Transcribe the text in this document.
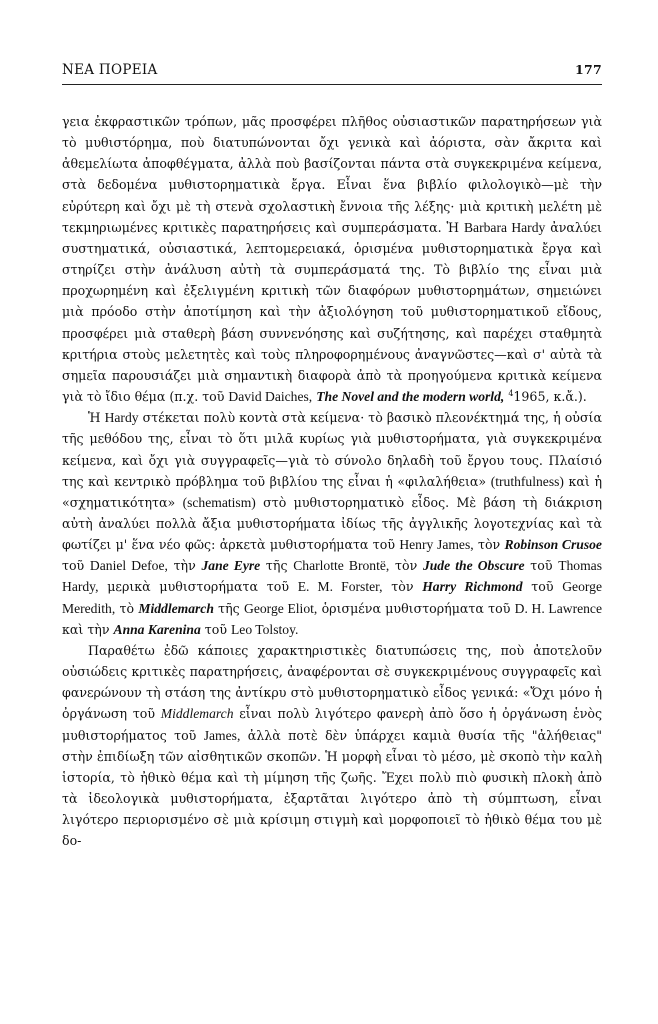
ΝΕΑ ΠΟΡΕΙΑ	177

γεια ἐκφραστικῶν τρόπων, μᾶς προσφέρει πλῆθος οὐσιαστικῶν παρατηρήσεων γιὰ τὸ μυθιστόρημα, ποὺ διατυπώνονται ὄχι γενικὰ καὶ ἀόριστα, σὰν ἄκριτα καὶ ἀθεμελίωτα ἀποφθέγματα, ἀλλὰ ποὺ βασίζονται πάντα στὰ συγκεκριμένα κείμενα, στὰ δεδομένα μυθιστορηματικὰ ἔργα. Εἶναι ἕνα βιβλίο φιλολογικὸ—μὲ τὴν εὐρύτερη καὶ ὄχι μὲ τὴ στενὰ σχολαστικὴ ἔννοια τῆς λέξης· μιὰ κριτικὴ μελέτη μὲ τεκμηριωμένες κριτικὲς παρατηρήσεις καὶ συμπεράσματα. Ἡ Barbara Hardy ἀναλύει συστηματικά, οὐσιαστικά, λεπτομερειακά, ὁρισμένα μυθιστορηματικὰ ἔργα καὶ στηρίζει στὴν ἀνάλυση αὐτὴ τὰ συμπεράσματά της. Τὸ βιβλίο της εἶναι μιὰ προχωρημένη καὶ ἐξελιγμένη κριτικὴ τῶν διαφόρων μυθιστορημάτων, σημειώνει μιὰ πρόοδο στὴν ἀποτίμηση καὶ τὴν ἀξιολόγηση τοῦ μυθιστορηματικοῦ εἴδους, προσφέρει μιὰ σταθερὴ βάση συννενόησης καὶ συζήτησης, καὶ παρέχει σταθμητὰ κριτήρια στοὺς μελετητὲς καὶ τοὺς πληροφορημένους ἀναγνῶστες—καὶ σ' αὐτὰ τὰ σημεῖα παρουσιάζει μιὰ σημαντικὴ διαφορὰ ἀπὸ τὰ προηγούμενα κριτικὰ κείμενα γιὰ τὸ ἴδιο θέμα (π.χ. τοῦ David Daiches, The Novel and the modern world, $^4$1965, κ.ἄ.).

Ἡ Hardy στέκεται πολὺ κοντὰ στὰ κείμενα· τὸ βασικὸ πλεονέκτημά της, ἡ οὐσία τῆς μεθόδου της, εἶναι τὸ ὅτι μιλᾶ κυρίως γιὰ μυθιστορήματα, γιὰ συγκεκριμένα κείμενα, καὶ ὄχι γιὰ συγγραφεῖς—γιὰ τὸ σύνολο δηλαδὴ τοῦ ἔργου τους. Πλαίσιό της καὶ κεντρικὸ πρόβλημα τοῦ βιβλίου της εἶναι ἡ «φιλαλήθεια» (truthfulness) καὶ ἡ «σχηματικότητα» (schematism) στὸ μυθιστορηματικὸ εἶδος. Μὲ βάση τὴ διάκριση αὐτὴ ἀναλύει πολλὰ ἄξια μυθιστορήματα ἰδίως τῆς ἀγγλικῆς λογοτεχνίας καὶ τὰ φωτίζει μ' ἕνα νέο φῶς: ἀρκετὰ μυθιστορήματα τοῦ Henry James, τὸν Robinson Crusoe τοῦ Daniel Defoe, τὴν Jane Eyre τῆς Charlotte Brontë, τὸν Jude the Obscure τοῦ Thomas Hardy, μερικὰ μυθιστορήματα τοῦ E. M. Forster, τὸν Harry Richmond τοῦ George Meredith, τὸ Middlemarch τῆς George Eliot, ὁρισμένα μυθιστορήματα τοῦ D. H. Lawrence καὶ τὴν Anna Karenina τοῦ Leo Tolstoy.

Παραθέτω ἐδῶ κάποιες χαρακτηριστικὲς διατυπώσεις της, ποὺ ἀποτελοῦν οὐσιώδεις κριτικὲς παρατηρήσεις, ἀναφέρονται σὲ συγκεκριμένους συγγραφεῖς καὶ φανερώνουν τὴ στάση της ἀντίκρυ στὸ μυθιστορηματικὸ εἶδος γενικά: «Ὄχι μόνο ἡ ὀργάνωση τοῦ Middlemarch εἶναι πολὺ λιγότερο φανερὴ ἀπὸ ὅσο ἡ ὀργάνωση ἑνὸς μυθιστορήματος τοῦ James, ἀλλὰ ποτὲ δὲν ὑπάρχει καμιὰ θυσία τῆς "ἀλήθειας" στὴν ἐπιδίωξη τῶν αἰσθητικῶν σκοπῶν. Ἡ μορφὴ εἶναι τὸ μέσο, μὲ σκοπὸ τὴν καλὴ ἱστορία, τὸ ἠθικὸ θέμα καὶ τὴ μίμηση τῆς ζωῆς. Ἔχει πολὺ πιὸ φυσικὴ πλοκὴ ἀπὸ τὰ ἰδεολογικὰ μυθιστορήματα, ἐξαρτᾶται λιγότερο ἀπὸ τὴ σύμπτωση, εἶναι λιγότερο περιορισμένο σὲ μιὰ κρίσιμη στιγμὴ καὶ μορφοποιεῖ τὸ ἠθικὸ θέμα του μὲ δο-
